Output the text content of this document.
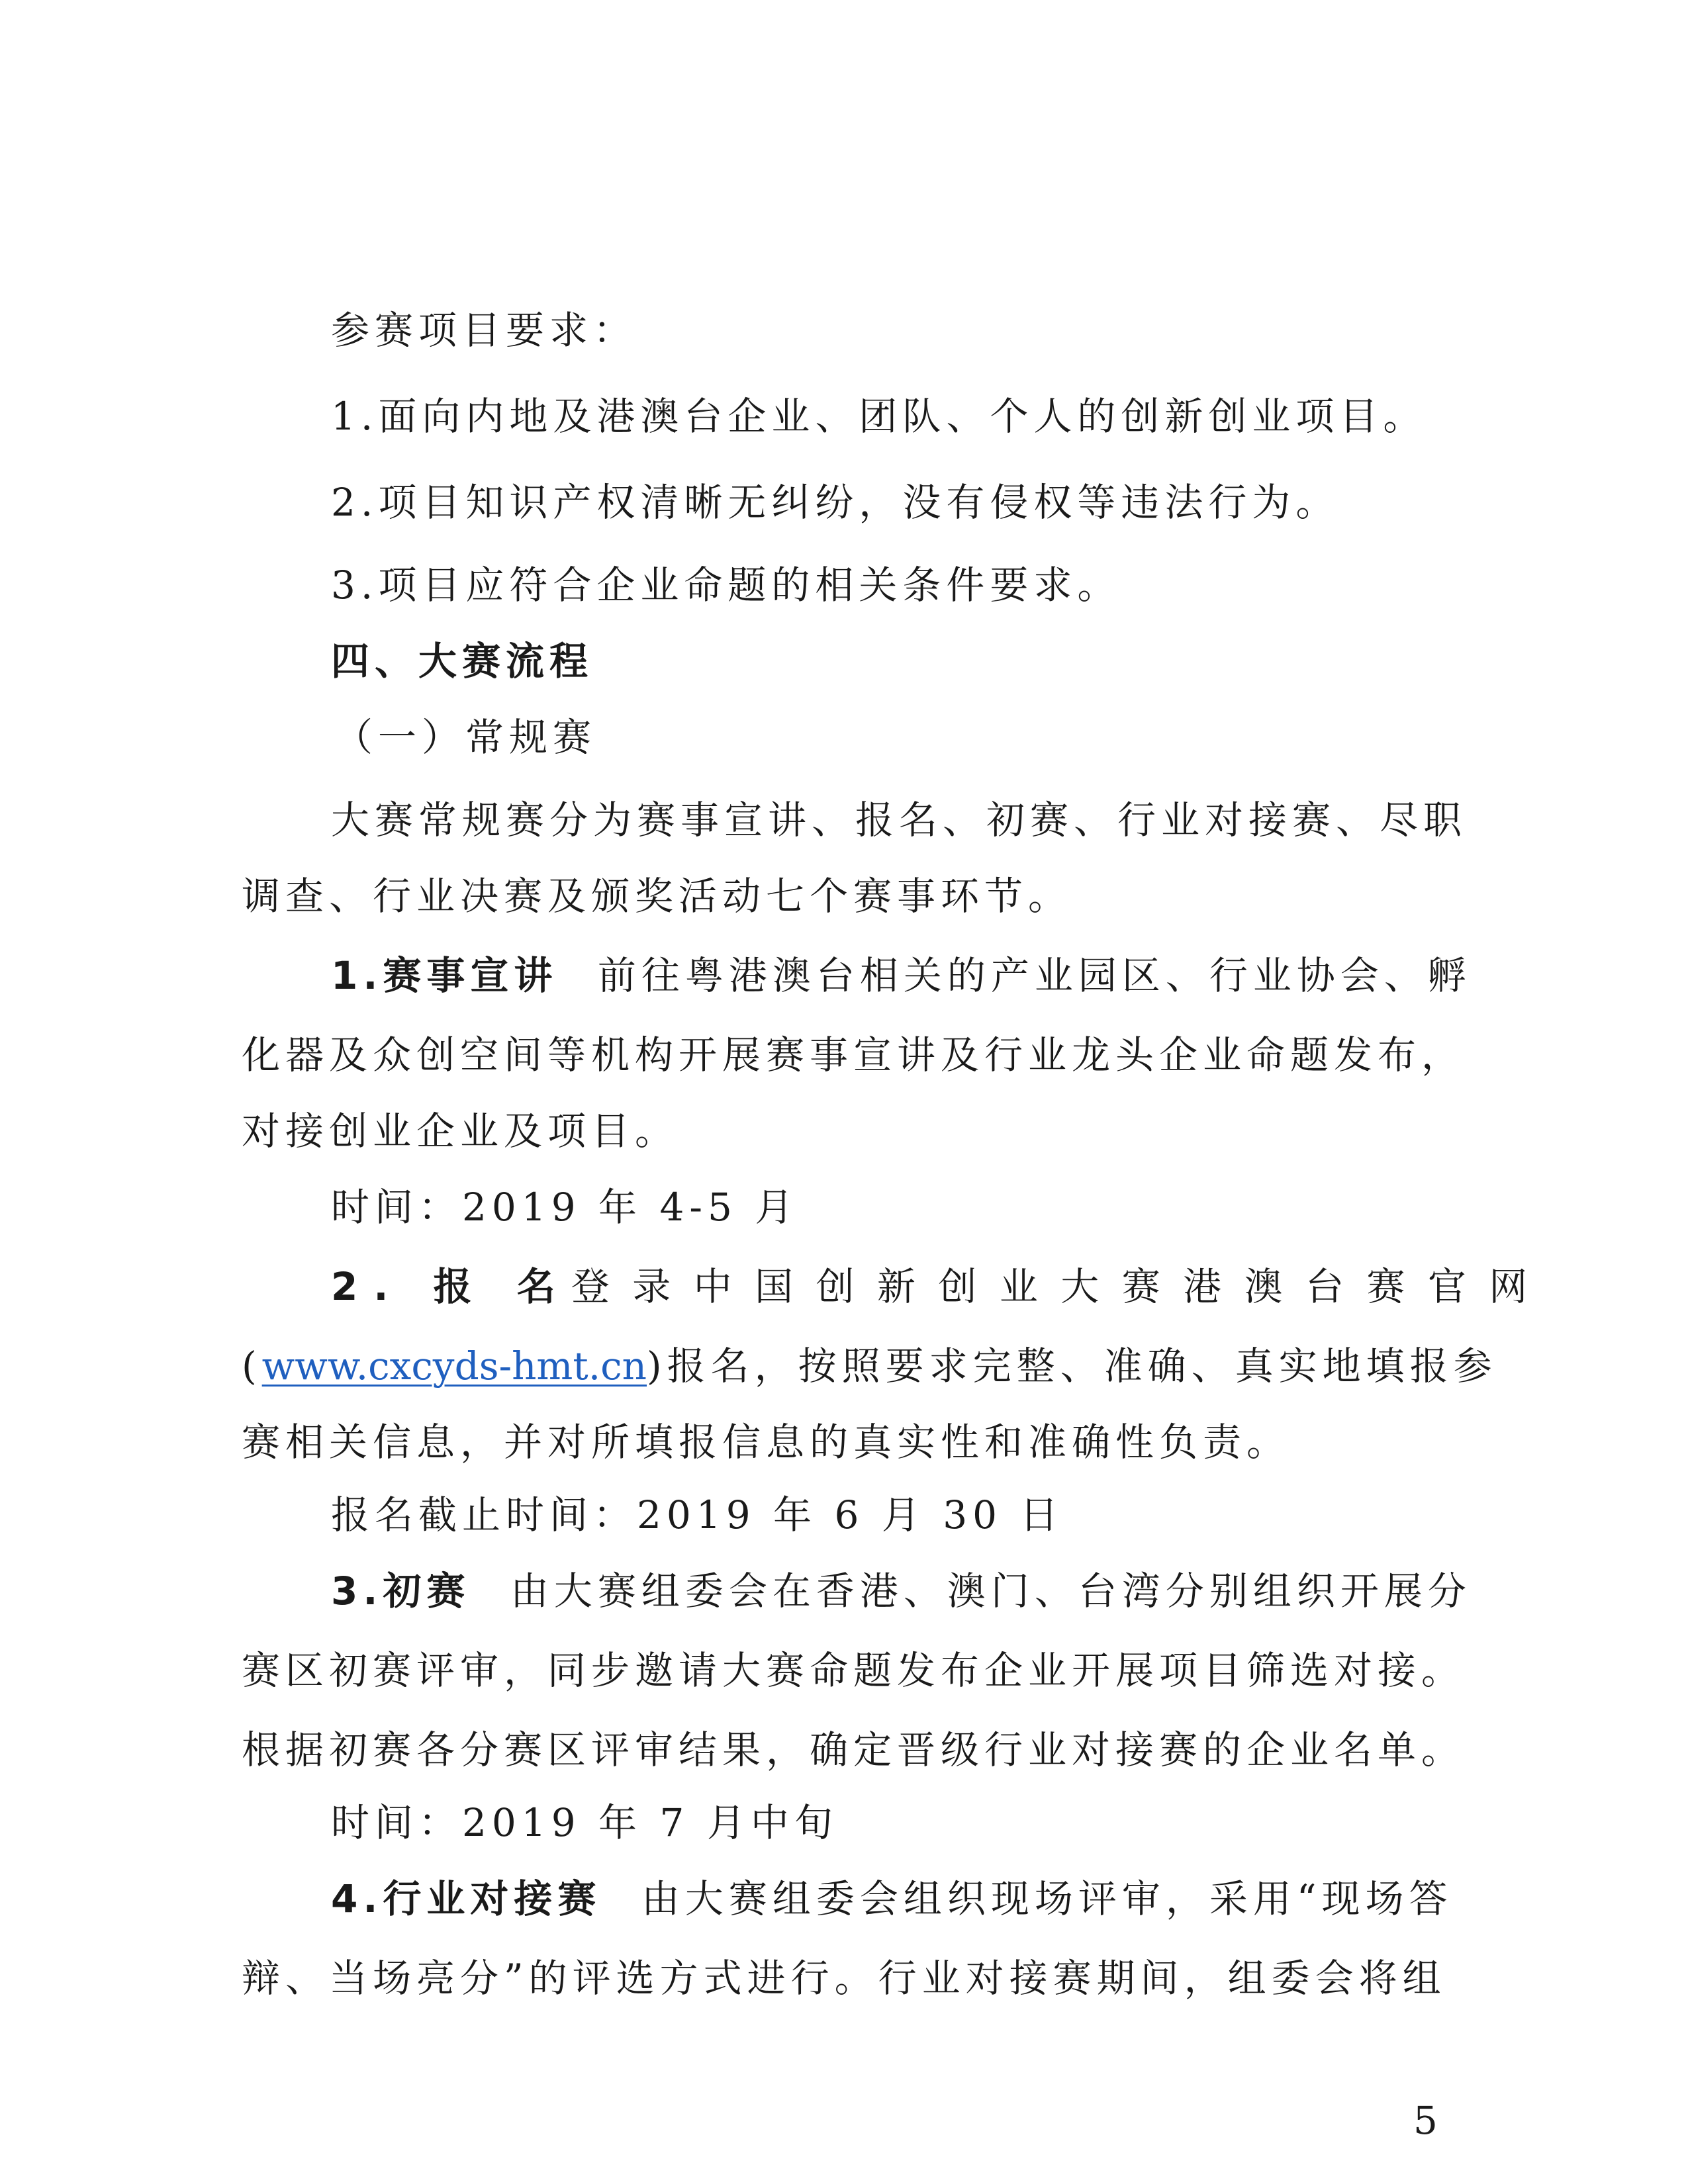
参赛项目要求：
1.面向内地及港澳台企业、团队、个人的创新创业项目。
2.项目知识产权清晰无纠纷，没有侵权等违法行为。
3.项目应符合企业命题的相关条件要求。
四、大赛流程
（一）常规赛
大赛常规赛分为赛事宣讲、报名、初赛、行业对接赛、尽职
调查、行业决赛及颁奖活动七个赛事环节。
1.赛事宣讲 前往粤港澳台相关的产业园区、行业协会、孵
化器及众创空间等机构开展赛事宣讲及行业龙头企业命题发布，
对接创业企业及项目。
时间：2019 年 4-5 月
2. 报 名 登 录 中 国 创 新 创 业 大 赛 港 澳 台 赛 官 网
(www.cxcyds-hmt.cn)报名，按照要求完整、准确、真实地填报参
赛相关信息，并对所填报信息的真实性和准确性负责。
报名截止时间：2019 年 6 月 30 日
3.初赛 由大赛组委会在香港、澳门、台湾分别组织开展分
赛区初赛评审，同步邀请大赛命题发布企业开展项目筛选对接。
根据初赛各分赛区评审结果，确定晋级行业对接赛的企业名单。
时间：2019 年 7 月中旬
4.行业对接赛 由大赛组委会组织现场评审，采用“现场答
辩、当场亮分”的评选方式进行。行业对接赛期间，组委会将组
5
